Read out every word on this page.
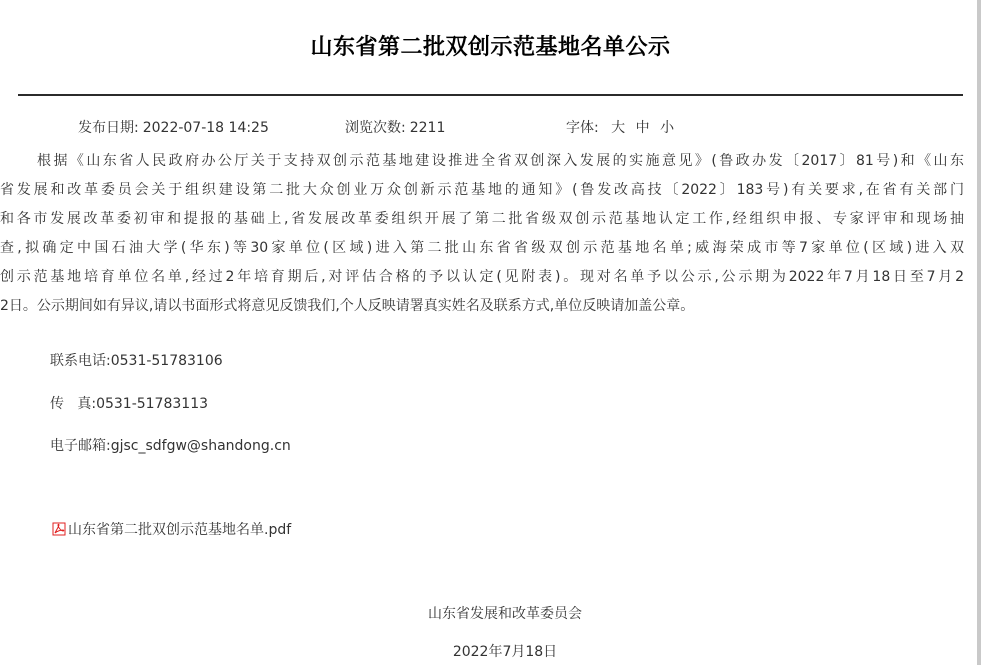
山东省第二批双创示范基地名单公示
发布日期: 2022-07-18 14:25	浏览次数: 2211	字体: 大 中 小
根据《山东省人民政府办公厅关于支持双创示范基地建设推进全省双创深入发展的实施意见》(鲁政办发〔2017〕81号)和《山东
省发展和改革委员会关于组织建设第二批大众创业万众创新示范基地的通知》(鲁发改高技〔2022〕183号)有关要求,在省有关部门
和各市发展改革委初审和提报的基础上,省发展改革委组织开展了第二批省级双创示范基地认定工作,经组织申报、专家评审和现场抽
查,拟确定中国石油大学(华东)等30家单位(区域)进入第二批山东省省级双创示范基地名单;威海荣成市等7家单位(区域)进入双
创示范基地培育单位名单,经过2年培育期后,对评估合格的予以认定(见附表)。现对名单予以公示,公示期为2022年7月18日至7月2
2日。公示期间如有异议,请以书面形式将意见反馈我们,个人反映请署真实姓名及联系方式,单位反映请加盖公章。
联系电话:0531-51783106
传   真:0531-51783113
电子邮箱:gjsc_sdfgw@shandong.cn
山东省第二批双创示范基地名单.pdf
山东省发展和改革委员会
2022年7月18日
